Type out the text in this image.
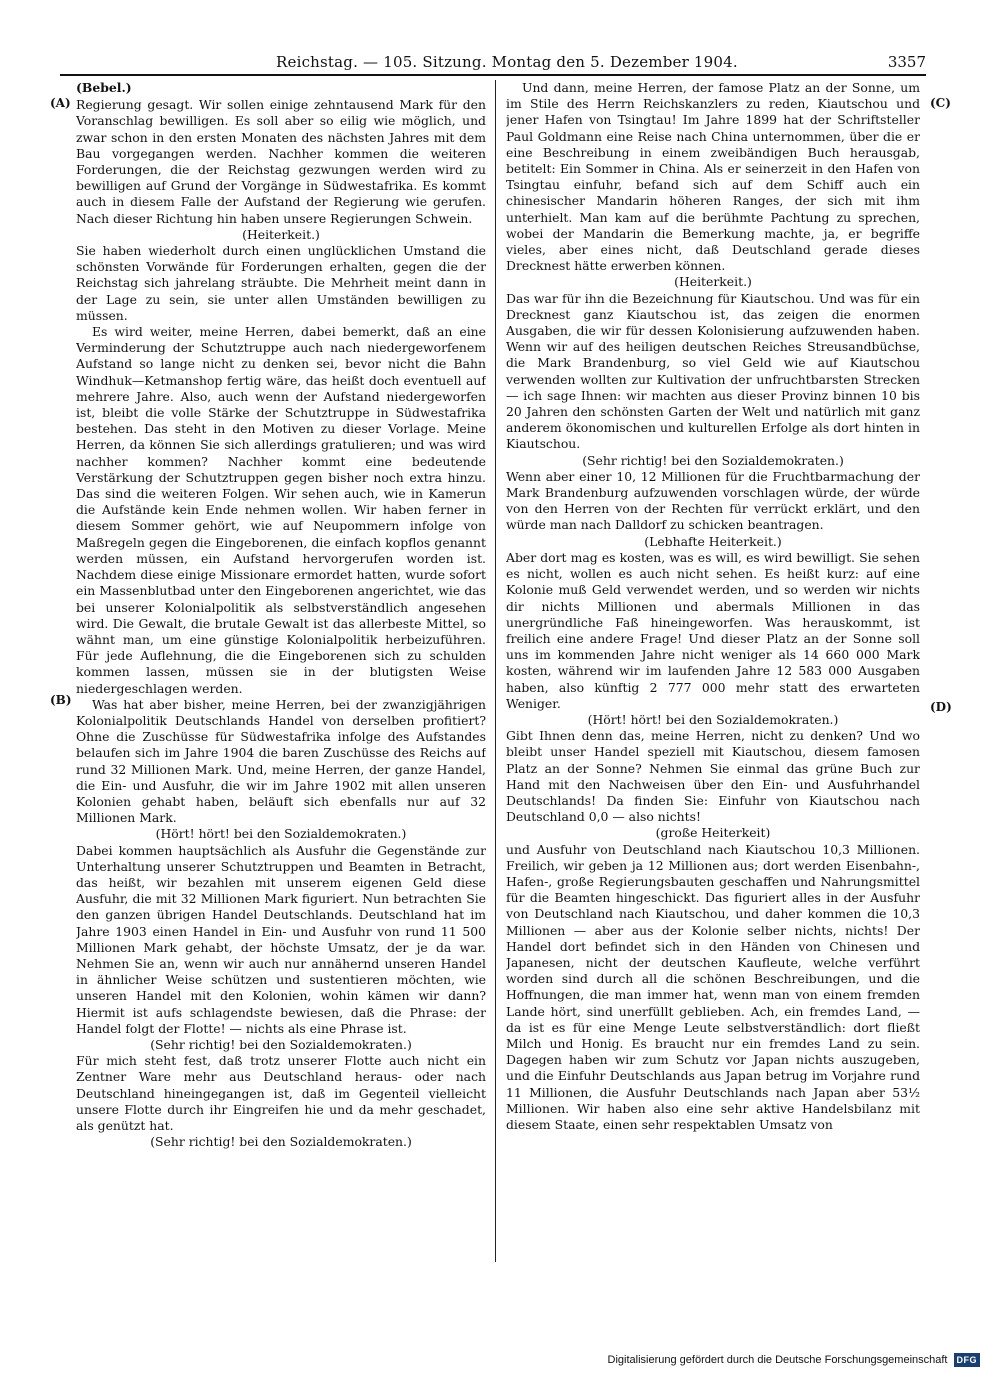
Reichstag. — 105. Sitzung. Montag den 5. Dezember 1904.	3357
(A)
(B)
(C)
(D)

(Bebel.)

Regierung gesagt. Wir sollen einige zehntausend Mark für den Voranschlag bewilligen. Es soll aber so eilig wie möglich, und zwar schon in den ersten Monaten des nächsten Jahres mit dem Bau vorgegangen werden. Nachher kommen die weiteren Forderungen, die der Reichstag gezwungen werden wird zu bewilligen auf Grund der Vorgänge in Südwestafrika. Es kommt auch in diesem Falle der Aufstand der Regierung wie gerufen. Nach dieser Richtung hin haben unsere Regierungen Schwein.

(Heiterkeit.)

Sie haben wiederholt durch einen unglücklichen Umstand die schönsten Vorwände für Forderungen erhalten, gegen die der Reichstag sich jahrelang sträubte. Die Mehrheit meint dann in der Lage zu sein, sie unter allen Umständen bewilligen zu müssen.

Es wird weiter, meine Herren, dabei bemerkt, daß an eine Verminderung der Schutztruppe auch nach niedergeworfenem Aufstand so lange nicht zu denken sei, bevor nicht die Bahn Windhuk—Ketmanshop fertig wäre, das heißt doch eventuell auf mehrere Jahre. Also, auch wenn der Aufstand niedergeworfen ist, bleibt die volle Stärke der Schutztruppe in Südwestafrika bestehen. Das steht in den Motiven zu dieser Vorlage. Meine Herren, da können Sie sich allerdings gratulieren; und was wird nachher kommen? Nachher kommt eine bedeutende Verstärkung der Schutztruppen gegen bisher noch extra hinzu. Das sind die weiteren Folgen. Wir sehen auch, wie in Kamerun die Aufstände kein Ende nehmen wollen. Wir haben ferner in diesem Sommer gehört, wie auf Neupommern infolge von Maßregeln gegen die Eingeborenen, die einfach kopflos genannt werden müssen, ein Aufstand hervorgerufen worden ist. Nachdem diese einige Missionare ermordet hatten, wurde sofort ein Massenblutbad unter den Eingeborenen angerichtet, wie das bei unserer Kolonialpolitik als selbstverständlich angesehen wird. Die Gewalt, die brutale Gewalt ist das allerbeste Mittel, so wähnt man, um eine günstige Kolonialpolitik herbeizuführen. Für jede Auflehnung, die die Eingeborenen sich zu schulden kommen lassen, müssen sie in der blutigsten Weise niedergeschlagen werden.

Was hat aber bisher, meine Herren, bei der zwanzigjährigen Kolonialpolitik Deutschlands Handel von derselben profitiert? Ohne die Zuschüsse für Südwestafrika infolge des Aufstandes belaufen sich im Jahre 1904 die baren Zuschüsse des Reichs auf rund 32 Millionen Mark. Und, meine Herren, der ganze Handel, die Ein- und Ausfuhr, die wir im Jahre 1902 mit allen unseren Kolonien gehabt haben, beläuft sich ebenfalls nur auf 32 Millionen Mark.

(Hört! hört! bei den Sozialdemokraten.)

Dabei kommen hauptsächlich als Ausfuhr die Gegenstände zur Unterhaltung unserer Schutztruppen und Beamten in Betracht, das heißt, wir bezahlen mit unserem eigenen Geld diese Ausfuhr, die mit 32 Millionen Mark figuriert. Nun betrachten Sie den ganzen übrigen Handel Deutschlands. Deutschland hat im Jahre 1903 einen Handel in Ein- und Ausfuhr von rund 11 500 Millionen Mark gehabt, der höchste Umsatz, der je da war. Nehmen Sie an, wenn wir auch nur annähernd unseren Handel in ähnlicher Weise schützen und sustentieren möchten, wie unseren Handel mit den Kolonien, wohin kämen wir dann? Hiermit ist aufs schlagendste bewiesen, daß die Phrase: der Handel folgt der Flotte! — nichts als eine Phrase ist.

(Sehr richtig! bei den Sozialdemokraten.)

Für mich steht fest, daß trotz unserer Flotte auch nicht ein Zentner Ware mehr aus Deutschland heraus- oder nach Deutschland hineingegangen ist, daß im Gegenteil vielleicht unsere Flotte durch ihr Eingreifen hie und da mehr geschadet, als genützt hat.

(Sehr richtig! bei den Sozialdemokraten.)

Und dann, meine Herren, der famose Platz an der Sonne, um im Stile des Herrn Reichskanzlers zu reden, Kiautschou und jener Hafen von Tsingtau! Im Jahre 1899 hat der Schriftsteller Paul Goldmann eine Reise nach China unternommen, über die er eine Beschreibung in einem zweibändigen Buch herausgab, betitelt: Ein Sommer in China. Als er seinerzeit in den Hafen von Tsingtau einfuhr, befand sich auf dem Schiff auch ein chinesischer Mandarin höheren Ranges, der sich mit ihm unterhielt. Man kam auf die berühmte Pachtung zu sprechen, wobei der Mandarin die Bemerkung machte, ja, er begriffe vieles, aber eines nicht, daß Deutschland gerade dieses Drecknest hätte erwerben können.

(Heiterkeit.)

Das war für ihn die Bezeichnung für Kiautschou. Und was für ein Drecknest ganz Kiautschou ist, das zeigen die enormen Ausgaben, die wir für dessen Kolonisierung aufzuwenden haben. Wenn wir auf des heiligen deutschen Reiches Streusandbüchse, die Mark Brandenburg, so viel Geld wie auf Kiautschou verwenden wollten zur Kultivation der unfruchtbarsten Strecken — ich sage Ihnen: wir machten aus dieser Provinz binnen 10 bis 20 Jahren den schönsten Garten der Welt und natürlich mit ganz anderem ökonomischen und kulturellen Erfolge als dort hinten in Kiautschou.

(Sehr richtig! bei den Sozialdemokraten.)

Wenn aber einer 10, 12 Millionen für die Fruchtbarmachung der Mark Brandenburg aufzuwenden vorschlagen würde, der würde von den Herren von der Rechten für verrückt erklärt, und den würde man nach Dalldorf zu schicken beantragen.

(Lebhafte Heiterkeit.)

Aber dort mag es kosten, was es will, es wird bewilligt. Sie sehen es nicht, wollen es auch nicht sehen. Es heißt kurz: auf eine Kolonie muß Geld verwendet werden, und so werden wir nichts dir nichts Millionen und abermals Millionen in das unergründliche Faß hineingeworfen. Was herauskommt, ist freilich eine andere Frage! Und dieser Platz an der Sonne soll uns im kommenden Jahre nicht weniger als 14 660 000 Mark kosten, während wir im laufenden Jahre 12 583 000 Ausgaben haben, also künftig 2 777 000 mehr statt des erwarteten Weniger.

(Hört! hört! bei den Sozialdemokraten.)

Gibt Ihnen denn das, meine Herren, nicht zu denken? Und wo bleibt unser Handel speziell mit Kiautschou, diesem famosen Platz an der Sonne? Nehmen Sie einmal das grüne Buch zur Hand mit den Nachweisen über den Ein- und Ausfuhrhandel Deutschlands! Da finden Sie: Einfuhr von Kiautschou nach Deutschland 0,0 — also nichts!

(große Heiterkeit)

und Ausfuhr von Deutschland nach Kiautschou 10,3 Millionen. Freilich, wir geben ja 12 Millionen aus; dort werden Eisenbahn-, Hafen-, große Regierungsbauten geschaffen und Nahrungsmittel für die Beamten hingeschickt. Das figuriert alles in der Ausfuhr von Deutschland nach Kiautschou, und daher kommen die 10,3 Millionen — aber aus der Kolonie selber nichts, nichts! Der Handel dort befindet sich in den Händen von Chinesen und Japanesen, nicht der deutschen Kaufleute, welche verführt worden sind durch all die schönen Beschreibungen, und die Hoffnungen, die man immer hat, wenn man von einem fremden Lande hört, sind unerfüllt geblieben. Ach, ein fremdes Land, — da ist es für eine Menge Leute selbstverständlich: dort fließt Milch und Honig. Es braucht nur ein fremdes Land zu sein. Dagegen haben wir zum Schutz vor Japan nichts auszugeben, und die Einfuhr Deutschlands aus Japan betrug im Vorjahre rund 11 Millionen, die Ausfuhr Deutschlands nach Japan aber 53½ Millionen. Wir haben also eine sehr aktive Handelsbilanz mit diesem Staate, einen sehr respektablen Umsatz von

Digitalisierung gefördert durch die Deutsche Forschungsgemeinschaft	DFG
